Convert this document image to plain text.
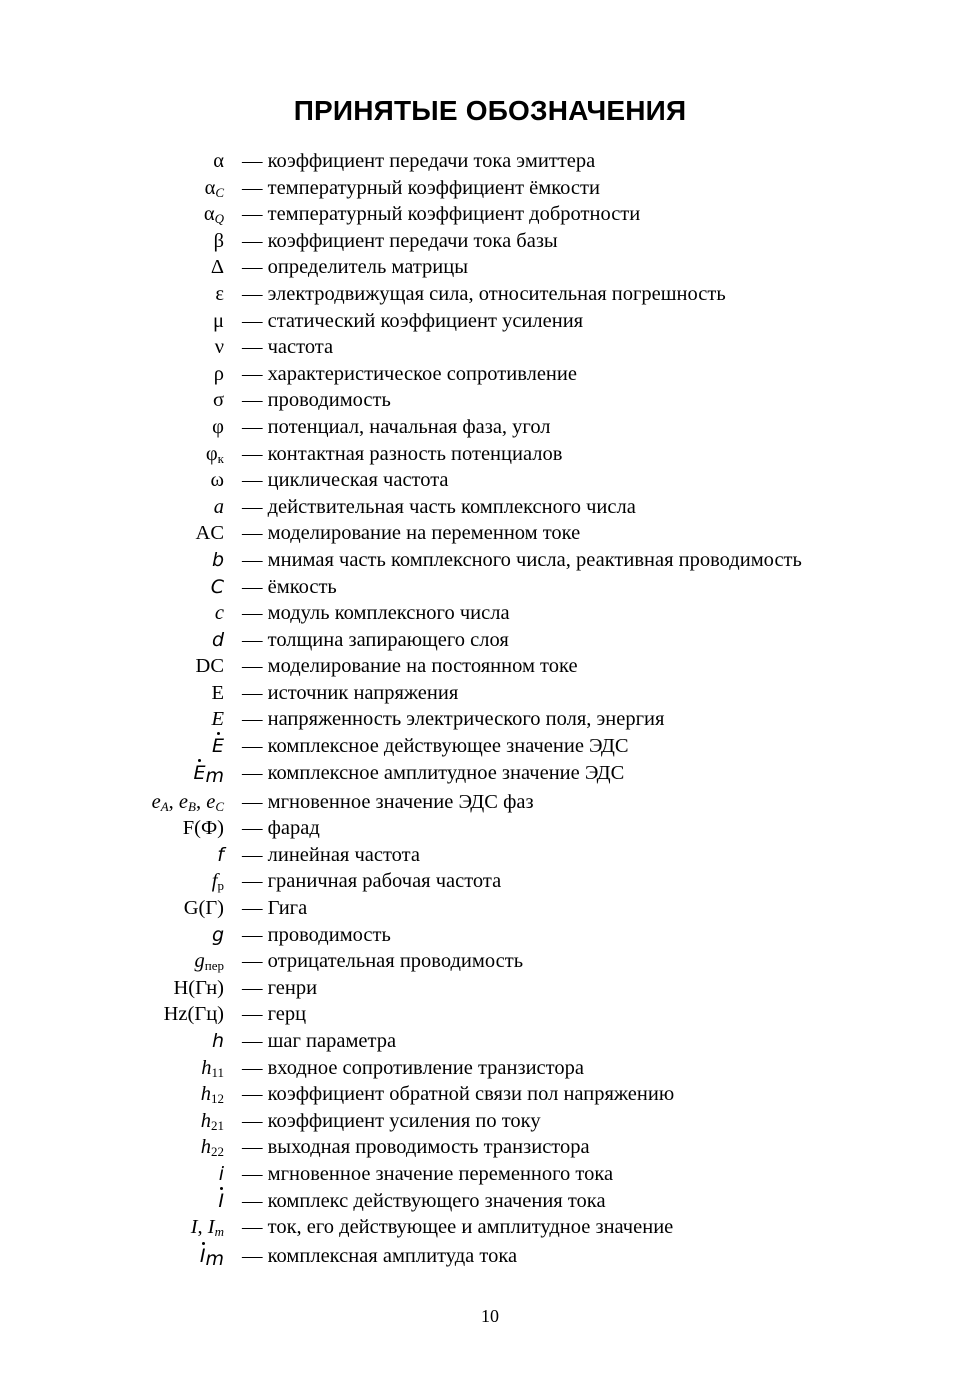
ПРИНЯТЫЕ ОБОЗНАЧЕНИЯ
α — коэффициент передачи тока эмиттера
$\alpha_C$ — температурный коэффициент ёмкости
$\alpha_Q$ — температурный коэффициент добротности
β — коэффициент передачи тока базы
Δ — определитель матрицы
ε — электродвижущая сила, относительная погрешность
μ — статический коэффициент усиления
ν — частота
ρ — характеристическое сопротивление
σ — проводимость
φ — потенциал, начальная фаза, угол
$\varphi_к$ — контактная разность потенциалов
ω — циклическая частота
a — действительная часть комплексного числа
AC — моделирование на переменном токе
b — мнимая часть комплексного числа, реактивная проводимость
C — ёмкость
c — модуль комплексного числа
d — толщина запирающего слоя
DC — моделирование на постоянном токе
E — источник напряжения
E — напряженность электрического поля, энергия
E — комплексное действующее значение ЭДС
$E_m$ — комплексное амплитудное значение ЭДС
$e_A$, $e_B$, $e_C$ — мгновенное значение ЭДС фаз
F(Ф) — фарад
f — линейная частота
$f_р$ — граничная рабочая частота
G(Г) — Гига
g — проводимость
$g_{пер}$ — отрицательная проводимость
H(Гн) — генри
Hz(Гц) — герц
h — шаг параметра
$h_{11}$ — входное сопротивление транзистора
$h_{12}$ — коэффициент обратной связи пол напряжению
$h_{21}$ — коэффициент усиления по току
$h_{22}$ — выходная проводимость транзистора
i — мгновенное значение переменного тока
I — комплекс действующего значения тока
I, $I_m$ — ток, его действующее и амплитудное значение
$I_m$ — комплексная амплитуда тока
10
